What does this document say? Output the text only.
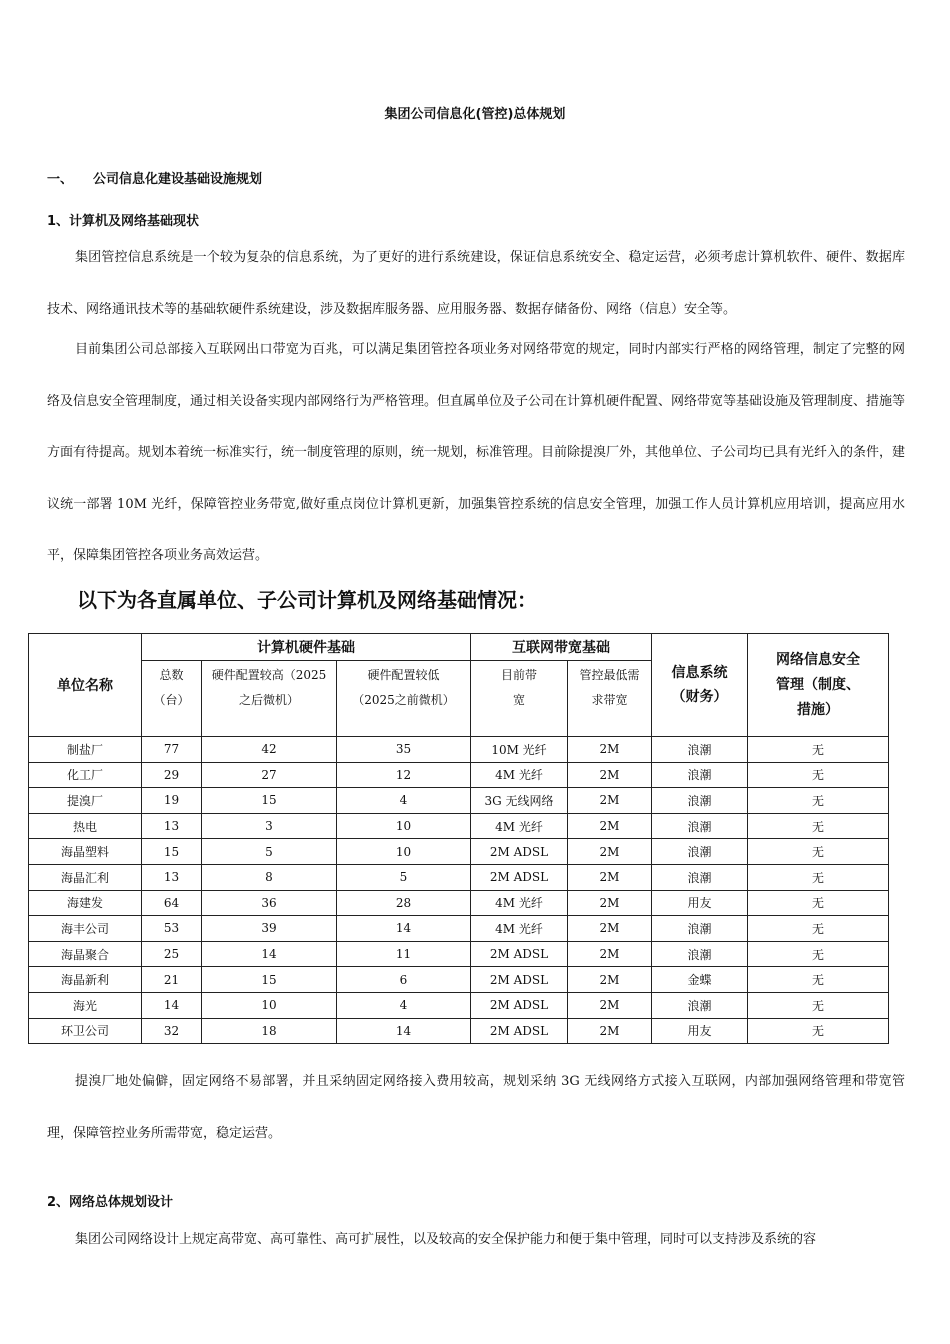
集团公司信息化(管控)总体规划
一、 公司信息化建设基础设施规划
1、计算机及网络基础现状

集团管控信息系统是一个较为复杂的信息系统，为了更好的进行系统建设，保证信息系统安全、稳定运营，必须考虑计算机软件、硬件、数据库技术、网络通讯技术等的基础软硬件系统建设，涉及数据库服务器、应用服务器、数据存储备份、网络（信息）安全等。

目前集团公司总部接入互联网出口带宽为百兆，可以满足集团管控各项业务对网络带宽的规定，同时内部实行严格的网络管理，制定了完整的网络及信息安全管理制度，通过相关设备实现内部网络行为严格管理。但直属单位及子公司在计算机硬件配置、网络带宽等基础设施及管理制度、措施等方面有待提高。规划本着统一标准实行，统一制度管理的原则，统一规划，标准管理。目前除提溴厂外，其他单位、子公司均已具有光纤入的条件，建议统一部署 10M 光纤，保障管控业务带宽,做好重点岗位计算机更新，加强集管控系统的信息安全管理，加强工作人员计算机应用培训，提高应用水平，保障集团管控各项业务高效运营。

以下为各直属单位、子公司计算机及网络基础情况：
单位名称	计算机硬件基础			互联网带宽基础		信息系统（财务）	网络信息安全管理（制度、措施）
	总数（台）	硬件配置较高（2025之后微机）	硬件配置较低（2025之前微机）	目前带宽	管控最低需求带宽		
制盐厂	77	42	35	10M 光纤	2M	浪潮	无
化工厂	29	27	12	4M 光纤	2M	浪潮	无
提溴厂	19	15	4	3G 无线网络	2M	浪潮	无
热电	13	3	10	4M 光纤	2M	浪潮	无
海晶塑料	15	5	10	2M ADSL	2M	浪潮	无
海晶汇利	13	8	5	2M ADSL	2M	浪潮	无
海建发	64	36	28	4M 光纤	2M	用友	无
海丰公司	53	39	14	4M 光纤	2M	浪潮	无
海晶聚合	25	14	11	2M ADSL	2M	浪潮	无
海晶新利	21	15	6	2M ADSL	2M	金蝶	无
海光	14	10	4	2M ADSL	2M	浪潮	无
环卫公司	32	18	14	2M ADSL	2M	用友	无

提溴厂地处偏僻，固定网络不易部署，并且采纳固定网络接入费用较高，规划采纳 3G 无线网络方式接入互联网，内部加强网络管理和带宽管理，保障管控业务所需带宽，稳定运营。

2、网络总体规划设计

集团公司网络设计上规定高带宽、高可靠性、高可扩展性，以及较高的安全保护能力和便于集中管理，同时可以支持涉及系统的容
